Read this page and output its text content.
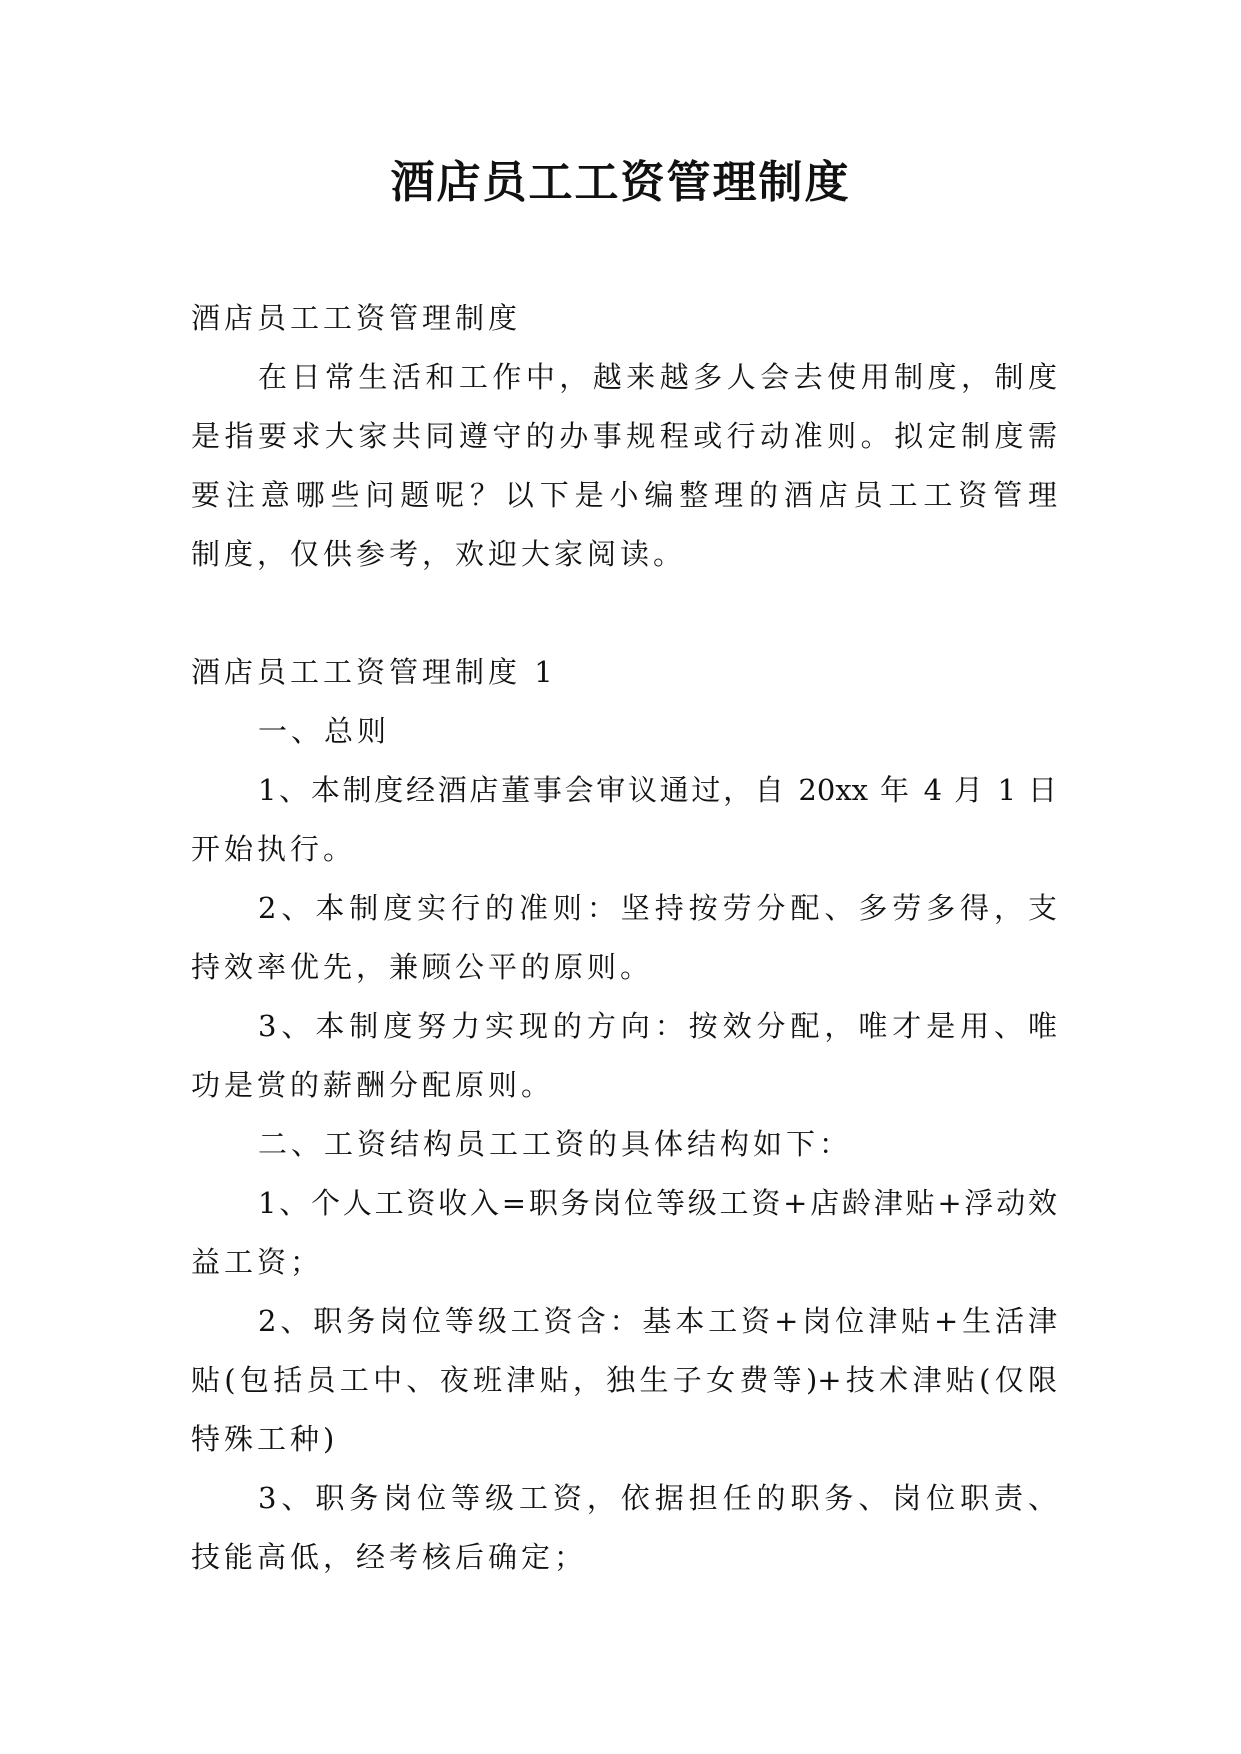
酒店员工工资管理制度
酒店员工工资管理制度
在日常生活和工作中，越来越多人会去使用制度，制度
是指要求大家共同遵守的办事规程或行动准则。拟定制度需
要注意哪些问题呢？以下是小编整理的酒店员工工资管理
制度，仅供参考，欢迎大家阅读。
酒店员工工资管理制度 1
一、总则
1、本制度经酒店董事会审议通过，自 20xx 年 4 月 1 日
开始执行。
2、本制度实行的准则：坚持按劳分配、多劳多得，支
持效率优先，兼顾公平的原则。
3、本制度努力实现的方向：按效分配，唯才是用、唯
功是赏的薪酬分配原则。
二、工资结构员工工资的具体结构如下：
1、个人工资收入=职务岗位等级工资+店龄津贴+浮动效
益工资；
2、职务岗位等级工资含：基本工资+岗位津贴+生活津
贴(包括员工中、夜班津贴，独生子女费等)+技术津贴(仅限
特殊工种)
3、职务岗位等级工资，依据担任的职务、岗位职责、
技能高低，经考核后确定；
